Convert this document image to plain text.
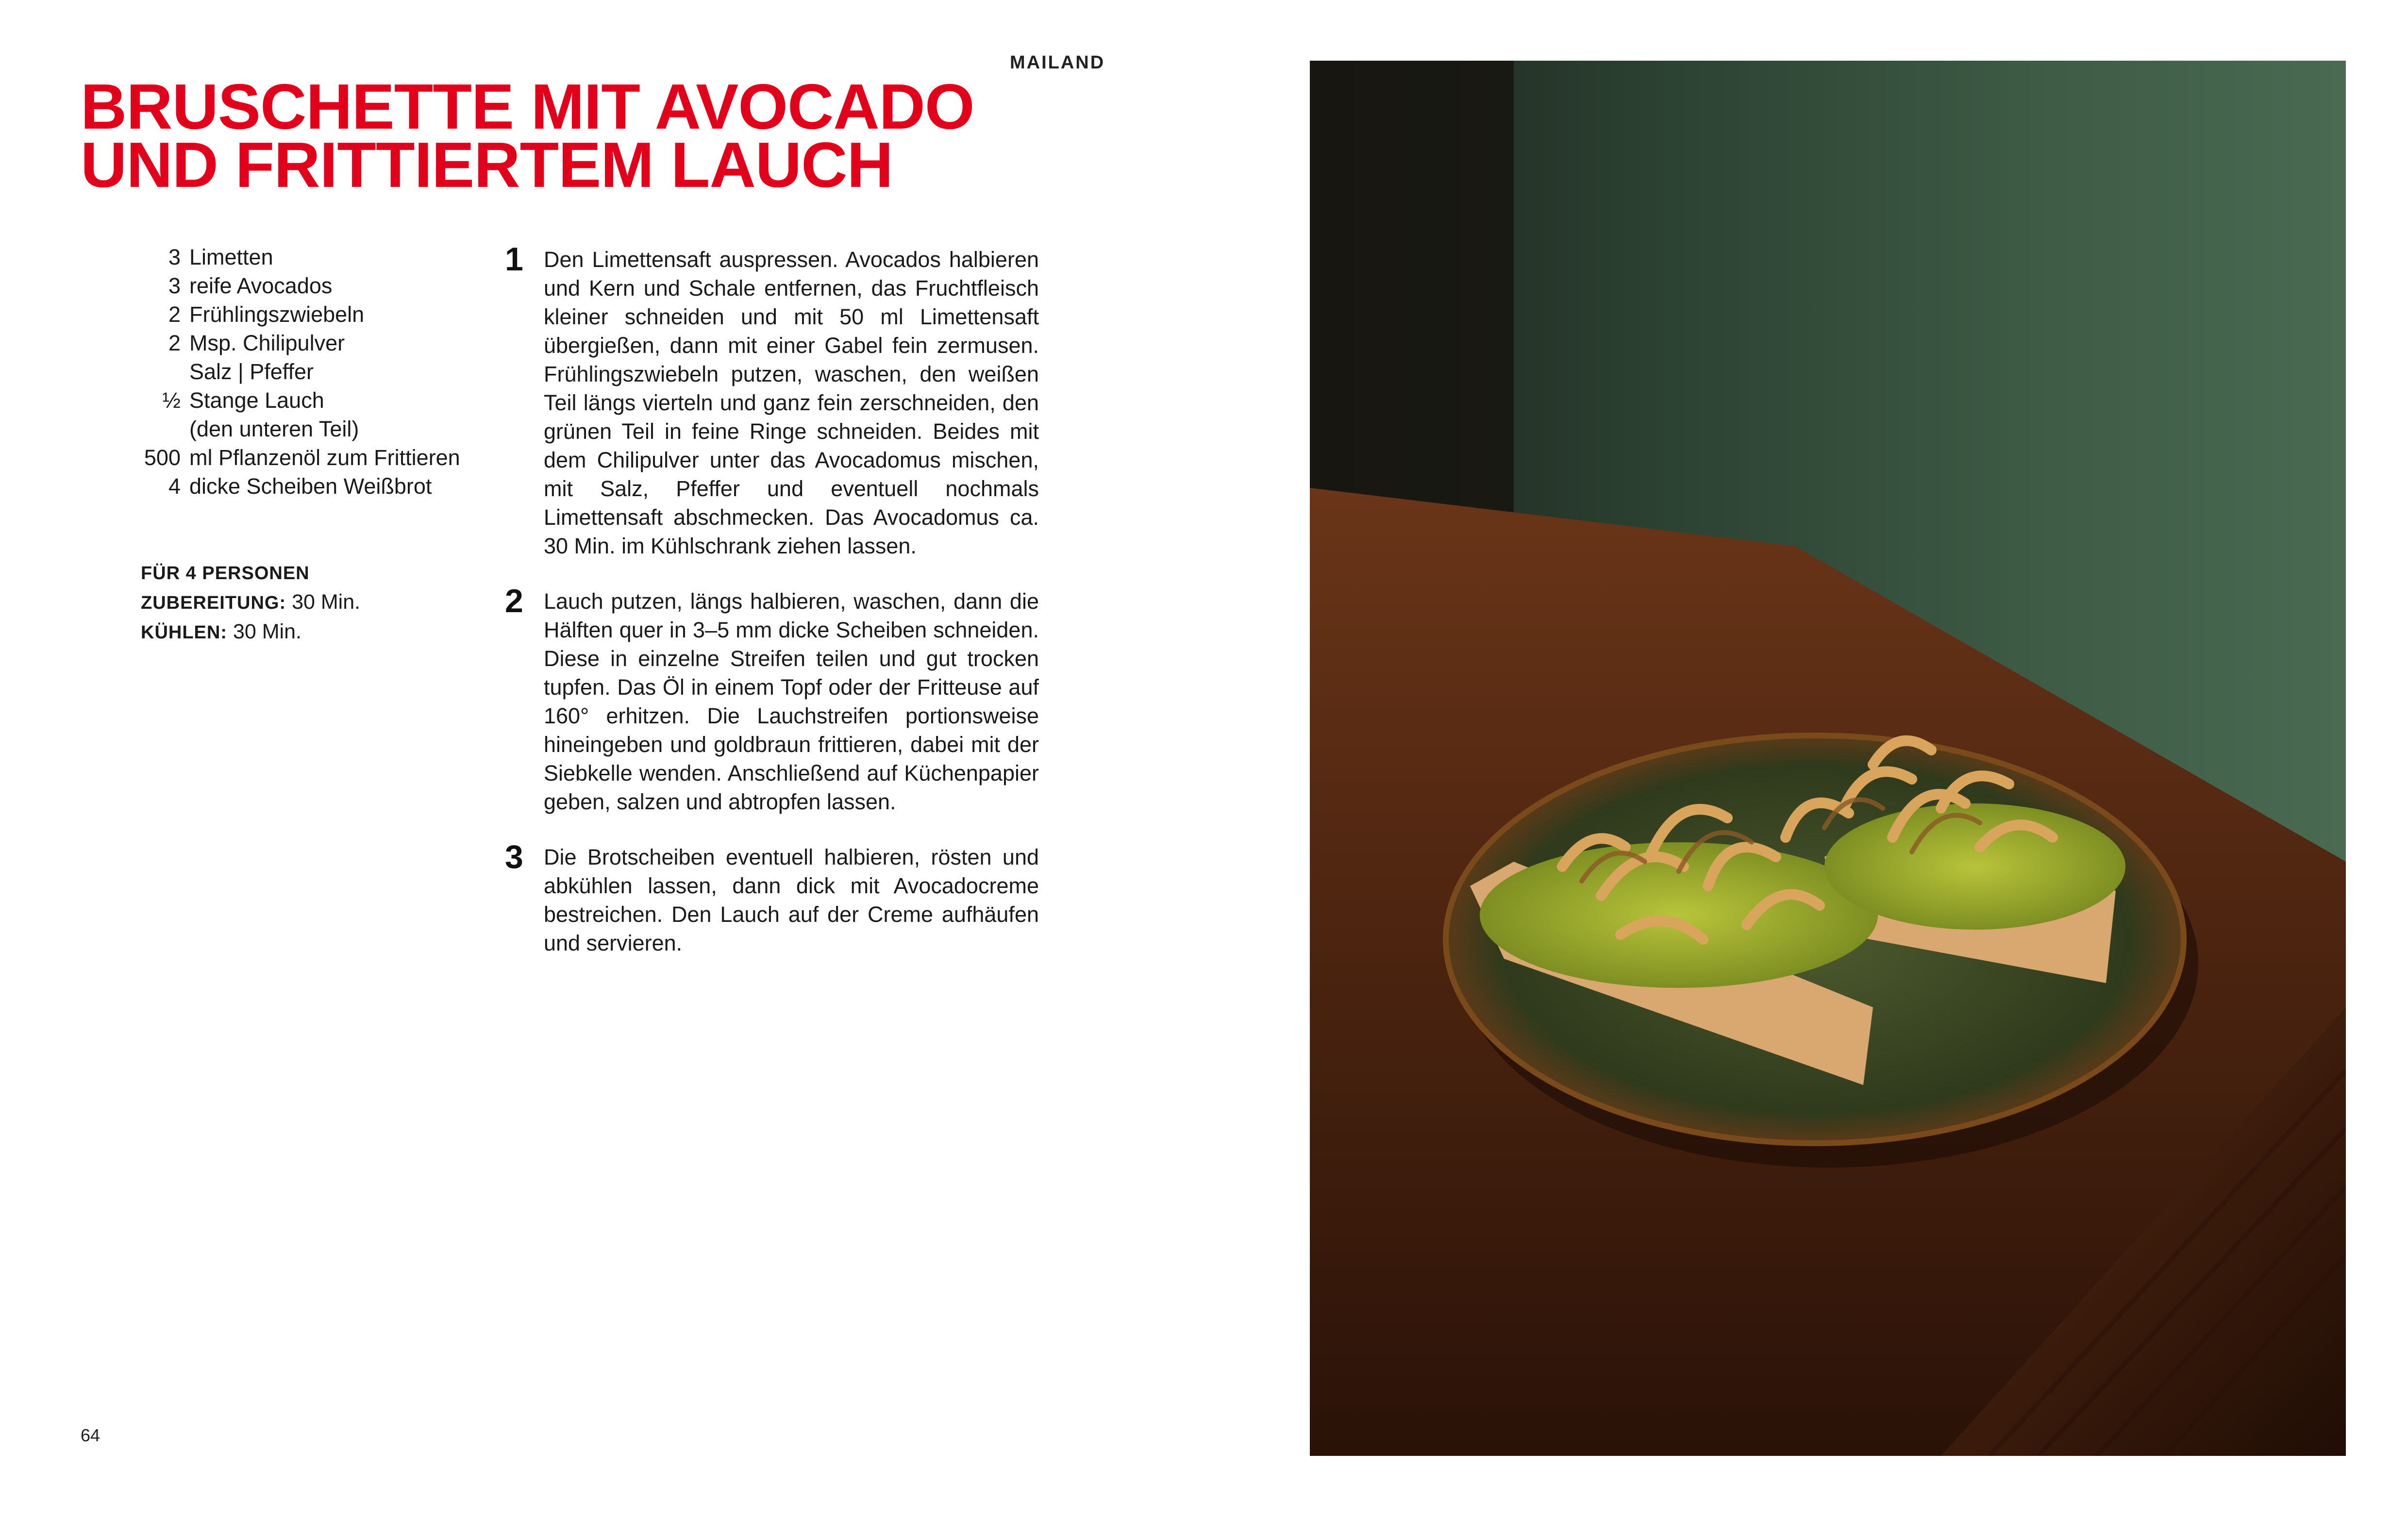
MAILAND
BRUSCHETTE MIT AVOCADO
UND FRITTIERTEM LAUCH
3 Limetten
3 reife Avocados
2 Frühlingszwiebeln
2 Msp. Chilipulver
Salz | Pfeffer
½ Stange Lauch
(den unteren Teil)
500 ml Pflanzenöl zum Frittieren
4 dicke Scheiben Weißbrot
FÜR 4 PERSONEN
ZUBEREITUNG: 30 Min.
KÜHLEN: 30 Min.
1 Den Limettensaft auspressen. Avocados halbieren und Kern und Schale entfernen, das Fruchtfleisch kleiner schneiden und mit 50 ml Limettensaft übergießen, dann mit einer Gabel fein zermusen. Frühlingszwiebeln putzen, waschen, den weißen Teil längs vierteln und ganz fein zerschneiden, den grünen Teil in feine Ringe schneiden. Beides mit dem Chilipulver unter das Avocadomus mischen, mit Salz, Pfeffer und eventuell nochmals Limettensaft abschmecken. Das Avocadomus ca. 30 Min. im Kühlschrank ziehen lassen.
2 Lauch putzen, längs halbieren, waschen, dann die Hälften quer in 3–5 mm dicke Scheiben schneiden. Diese in einzelne Streifen teilen und gut trocken tupfen. Das Öl in einem Topf oder der Fritteuse auf 160° erhitzen. Die Lauchstreifen portionsweise hineingeben und goldbraun frittieren, dabei mit der Siebkelle wenden. Anschließend auf Küchenpapier geben, salzen und abtropfen lassen.
3 Die Brotscheiben eventuell halbieren, rösten und abkühlen lassen, dann dick mit Avocadocreme bestreichen. Den Lauch auf der Creme aufhäufen und servieren.
64
